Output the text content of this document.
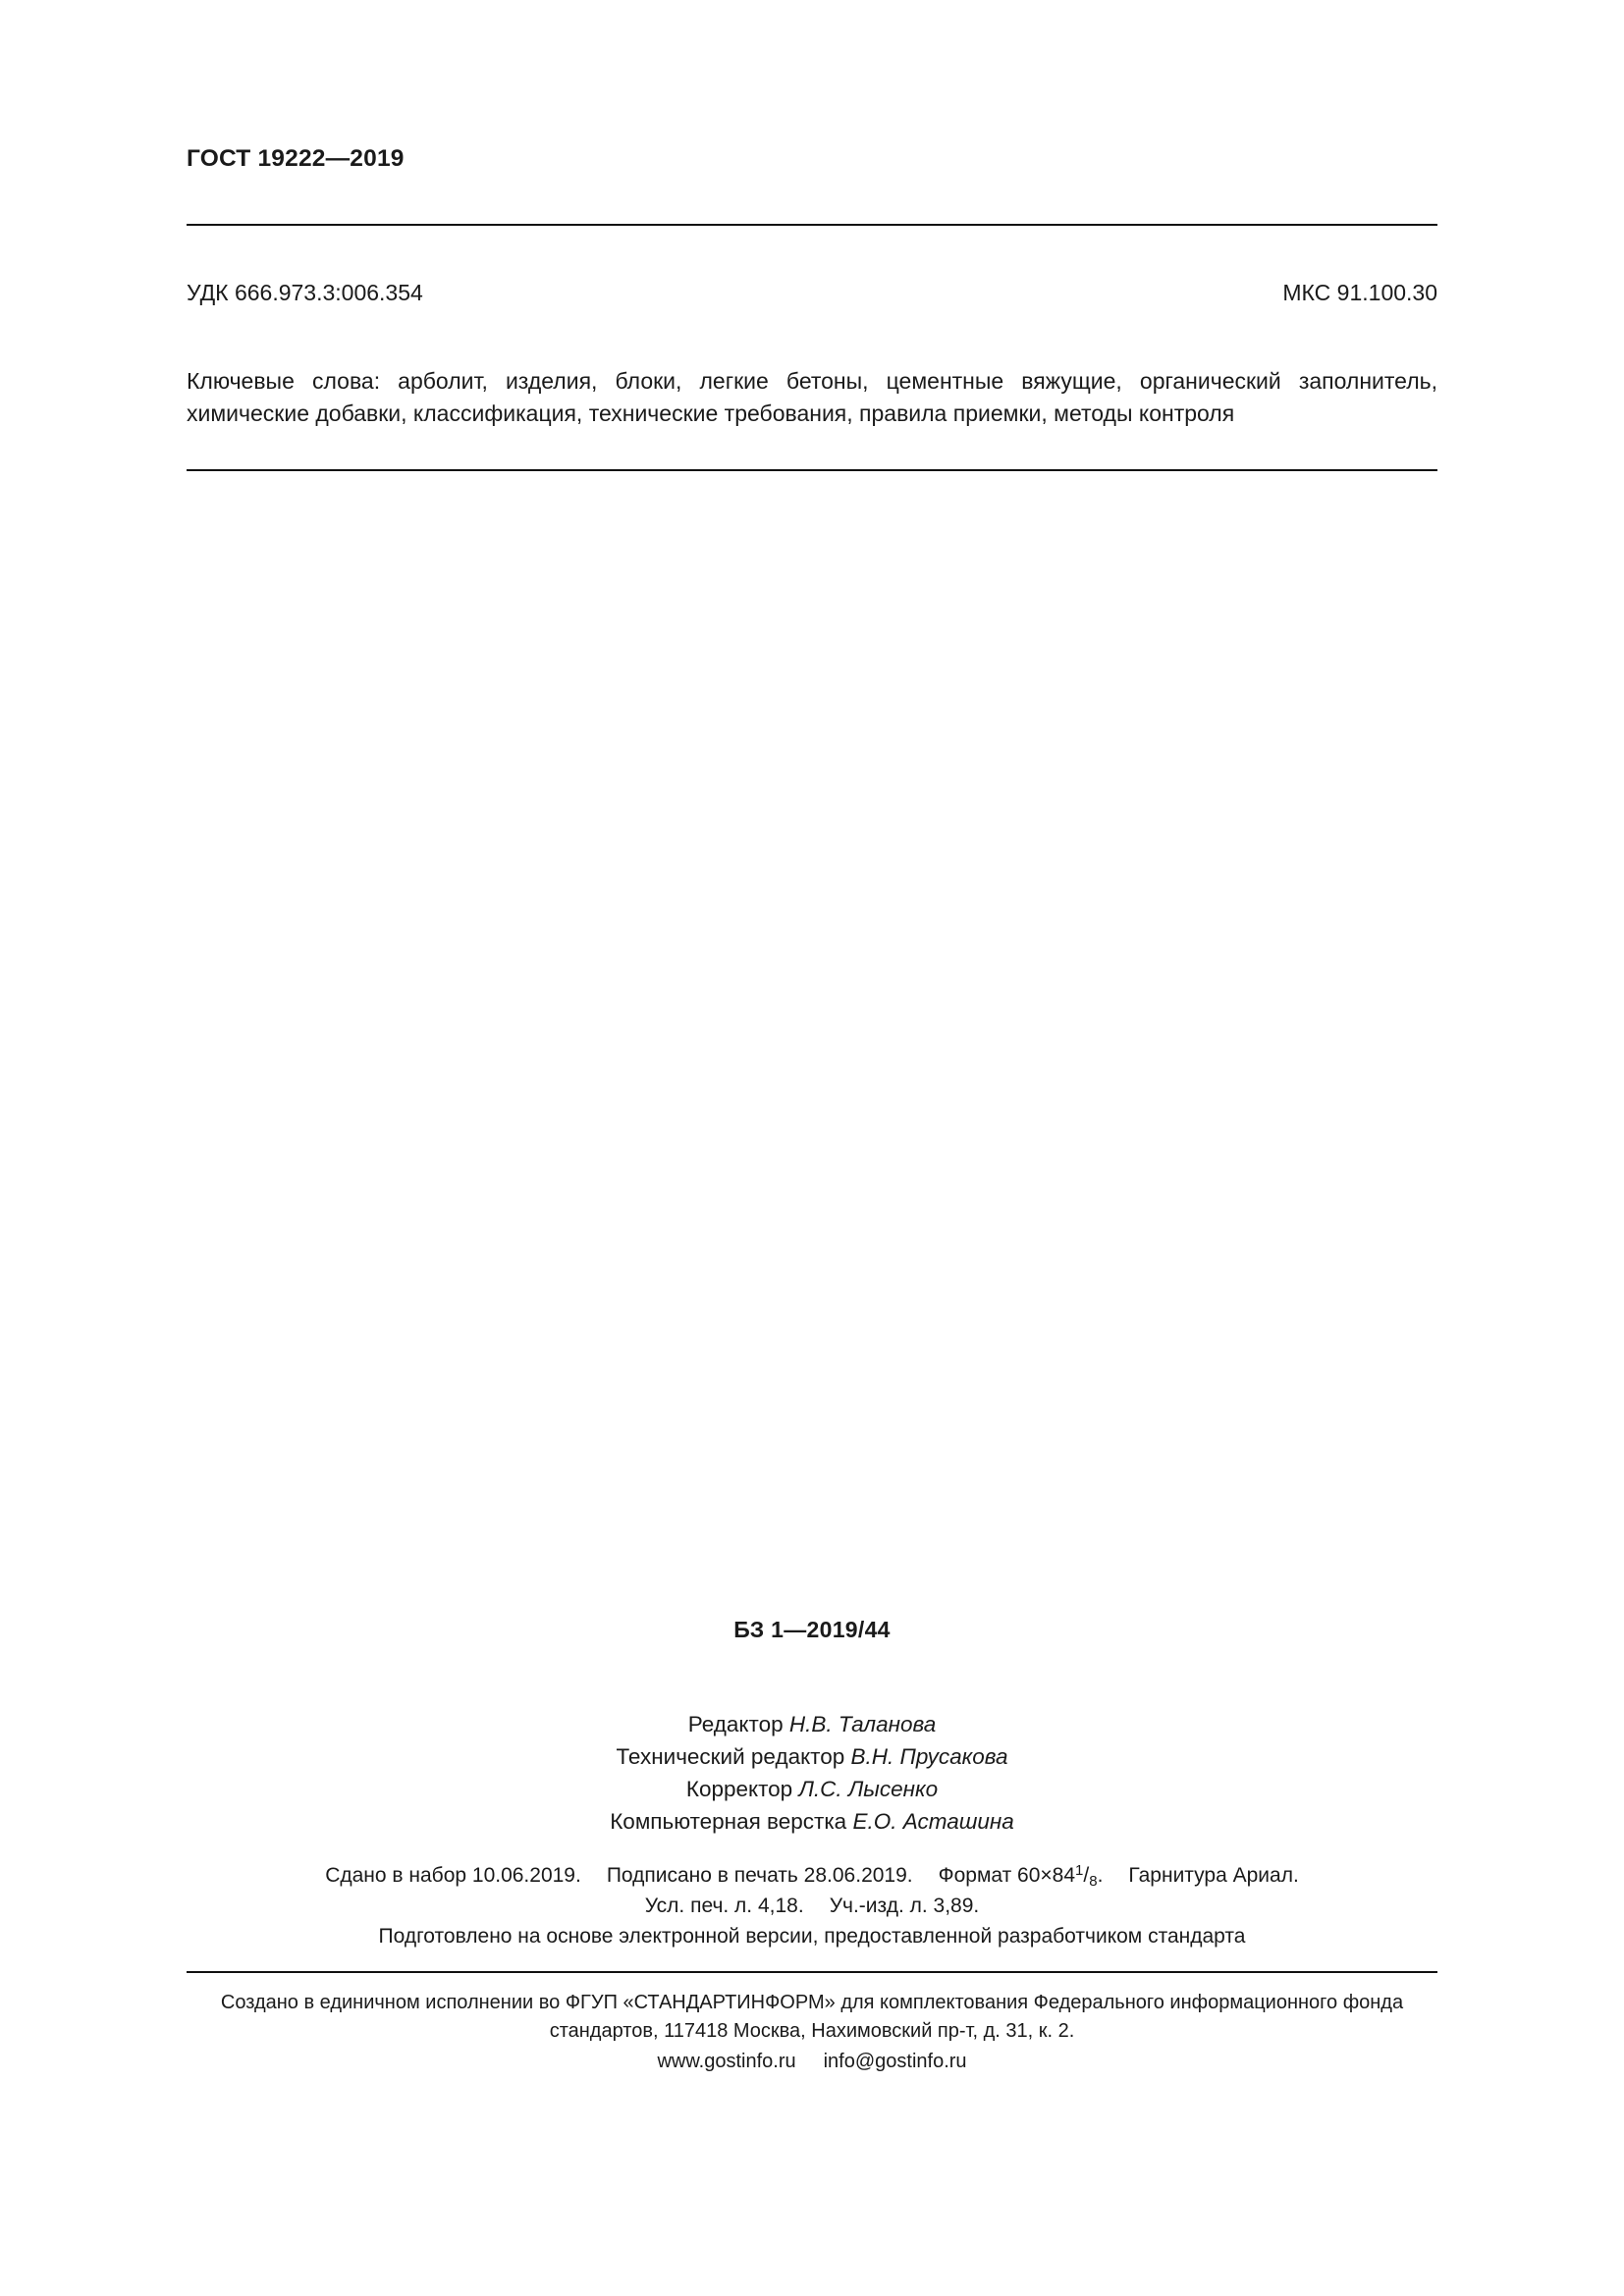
ГОСТ 19222—2019
УДК 666.973.3:006.354	МКС 91.100.30
Ключевые слова: арболит, изделия, блоки, легкие бетоны, цементные вяжущие, органический заполнитель, химические добавки, классификация, технические требования, правила приемки, методы контроля
БЗ 1—2019/44
Редактор Н.В. Таланова
Технический редактор В.Н. Прусакова
Корректор Л.С. Лысенко
Компьютерная верстка Е.О. Асташина
Сдано в набор 10.06.2019. Подписано в печать 28.06.2019. Формат 60×841/8. Гарнитура Ариал.
Усл. печ. л. 4,18. Уч.-изд. л. 3,89.
Подготовлено на основе электронной версии, предоставленной разработчиком стандарта
Создано в единичном исполнении во ФГУП «СТАНДАРТИНФОРМ» для комплектования Федерального информационного фонда
стандартов, 117418 Москва, Нахимовский пр-т, д. 31, к. 2.
www.gostinfo.ru info@gostinfo.ru
